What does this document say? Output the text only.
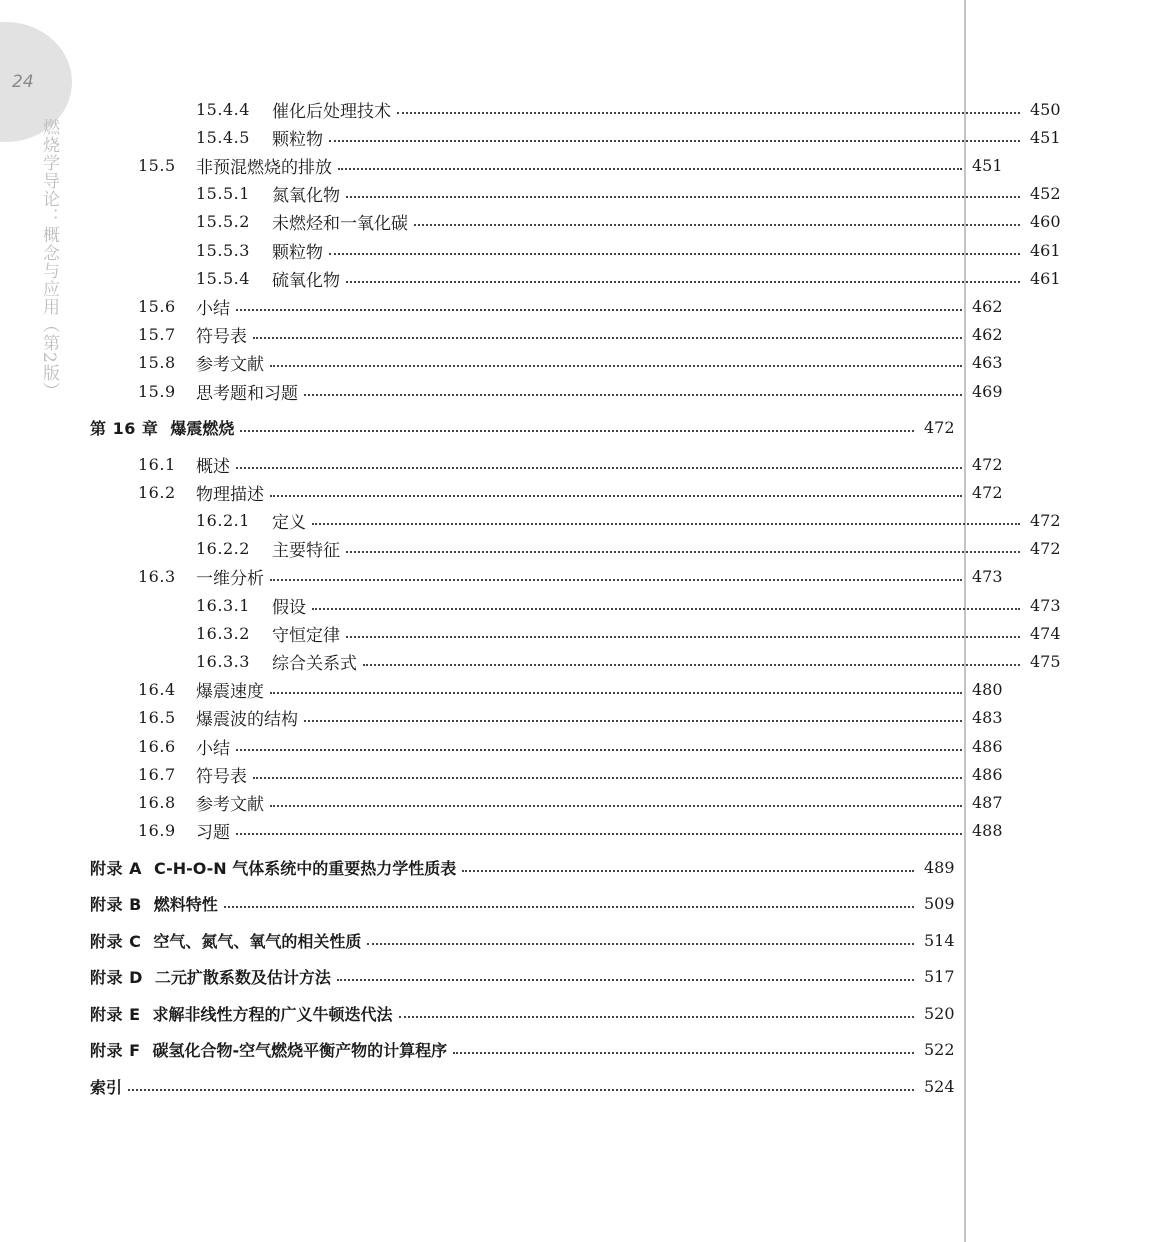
24
燃烧学导论：概念与应用（第2版）
15.4.4	催化后处理技术	450
15.4.5	颗粒物	451
15.5	非预混燃烧的排放	451
15.5.1	氮氧化物	452
15.5.2	未燃烃和一氧化碳	460
15.5.3	颗粒物	461
15.5.4	硫氧化物	461
15.6	小结	462
15.7	符号表	462
15.8	参考文献	463
15.9	思考题和习题	469
第 16 章 爆震燃烧	472
16.1	概述	472
16.2	物理描述	472
16.2.1	定义	472
16.2.2	主要特征	472
16.3	一维分析	473
16.3.1	假设	473
16.3.2	守恒定律	474
16.3.3	综合关系式	475
16.4	爆震速度	480
16.5	爆震波的结构	483
16.6	小结	486
16.7	符号表	486
16.8	参考文献	487
16.9	习题	488
附录 A C-H-O-N 气体系统中的重要热力学性质表	489
附录 B 燃料特性	509
附录 C 空气、氮气、氧气的相关性质	514
附录 D 二元扩散系数及估计方法	517
附录 E 求解非线性方程的广义牛顿迭代法	520
附录 F 碳氢化合物-空气燃烧平衡产物的计算程序	522
索引	524
